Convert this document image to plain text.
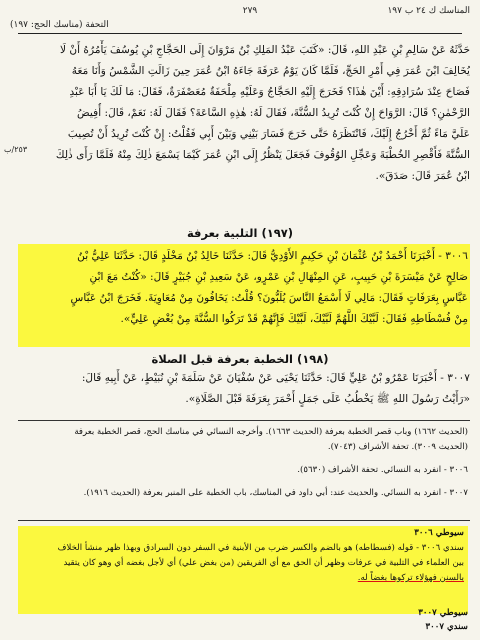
المناسك ك ٢٤ ب ١٩٧
٢٧٩
التحفة (مناسك الحج: ١٩٧)
حَدَّثَهُ عَنْ سَالِمِ بْنِ عَبْدِ اللهِ، قَالَ: «كَتَبَ عَبْدُ المَلِكِ بْنُ مَرْوَانَ إِلَى الحَجَّاجِ بْنِ يُوسُفَ يَأْمُرُهُ أَنْ لَا
يُخَالِفَ ابْنَ عُمَرَ فِي أَمْرِ الحَجِّ، فَلَمَّا كَانَ يَوْمُ عَرَفَةَ جَاءَهُ ابْنُ عُمَرَ حِينَ زَالَتِ الشَّمْسُ وَأَنَا مَعَهُ
فَصَاحَ عِنْدَ سُرَادِقِهِ: أَيْنَ هٰذَا؟ فَخَرَجَ إِلَيْهِ الحَجَّاجُ وَعَلَيْهِ مِلْحَفَةٌ مُعَصْفَرَةٌ، فَقَالَ: مَا لَكَ يَا أَبَا عَبْدِ
الرَّحْمٰنِ؟ قَالَ: الرَّوَاحَ إِنْ كُنْتَ تُرِيدُ السُّنَّةَ، فَقَالَ لَهُ: هٰذِهِ السَّاعَةَ؟ فَقَالَ لَهُ: نَعَمْ، قَالَ: أُفِيضُ
عَلَيَّ مَاءً ثُمَّ أَخْرُجُ إِلَيْكَ، فَانْتَظَرَهُ حَتَّى خَرَجَ فَسَارَ بَيْنِي وَبَيْنَ أَبِي فَقُلْتُ: إِنْ كُنْتَ تُرِيدُ أَنْ تُصِيبَ
السُّنَّةَ فَأَقْصِرِ الخُطْبَةَ وَعَجِّلِ الوُقُوفَ فَجَعَلَ يَنْظُرُ إِلَى ابْنِ عُمَرَ كَيْمَا يَسْمَعَ ذٰلِكَ مِنْهُ فَلَمَّا رَأَى ذٰلِكَ
ابْنُ عُمَرَ قَالَ: صَدَقَ».
٢٥٣/ب
(١٩٧) التلبية بعرفة
٣٠٠٦ - أَخْبَرَنَا أَحْمَدُ بْنُ عُثْمَانَ بْنِ حَكِيمٍ الأَوْدِيُّ قَالَ: حَدَّثَنَا خَالِدُ بْنُ مَخْلَدٍ قَالَ: حَدَّثَنَا عَلِيُّ بْنُ
صَالِحٍ عَنْ مَيْسَرَةَ بْنِ حَبِيبٍ، عَنِ المِنْهَالِ بْنِ عَمْرٍو، عَنْ سَعِيدِ بْنِ جُبَيْرٍ قَالَ: «كُنْتُ مَعَ ابْنِ
عَبَّاسٍ بِعَرَفَاتٍ فَقَالَ: مَالِي لَا أَسْمَعُ النَّاسَ يُلَبُّونَ؟ قُلْتُ: يَخَافُونَ مِنْ مُعَاوِيَةَ. فَخَرَجَ ابْنُ عَبَّاسٍ
مِنْ فُسْطَاطِهِ فَقَالَ: لَبَّيْكَ اللَّهُمَّ لَبَّيْكَ، لَبَّيْكَ فَإِنَّهُمْ قَدْ تَرَكُوا السُّنَّةَ مِنْ بُغْضِ عَلِيٍّ».
(١٩٨) الخطبة بعرفة قبل الصلاة
٣٠٠٧ - أَخْبَرَنَا عَمْرُو بْنُ عَلِيٍّ قَالَ: حَدَّثَنَا يَحْيَى عَنْ سُفْيَانَ عَنْ سَلَمَةَ بْنِ نُبَيْطٍ، عَنْ أَبِيهِ قَالَ:
«رَأَيْتُ رَسُولَ اللهِ ﷺ يَخْطُبُ عَلَى جَمَلٍ أَحْمَرَ بِعَرَفَةَ قَبْلَ الصَّلَاةِ».
(الحديث ١٦٦٢) وباب قصر الخطبة بعرفة (الحديث ١٦٦٣). وأخرجه النسائي في مناسك الحج، قصر الخطبة بعرفة
(الحديث ٣٠٠٩). تحفة الأشراف (٧٠٤٣).
٣٠٠٦ - انفرد به النسائي. تحفة الأشراف (٥٦٣٠).
٣٠٠٧ - انفرد به النسائي. والحديث عند: أبي داود في المناسك، باب الخطبة على المنبر بعرفة (الحديث ١٩١٦).
سيوطي ٣٠٠٦
سندي ٣٠٠٦ - قوله (فسطاطه) هو بالضم والكسر ضرب من الأبنية في السفر دون السرادق وبهذا ظهر منشأ الخلاف
بين العلماء في التلبية في عرفات وظهر أن الحق مع أي الفريقين (من بغض علي) أي لأجل بغضه أي وهو كان يتقيد
بالسنن فهؤلاء تركوها بغضاً له.
سيوطي ٣٠٠٧
سندي ٣٠٠٧
